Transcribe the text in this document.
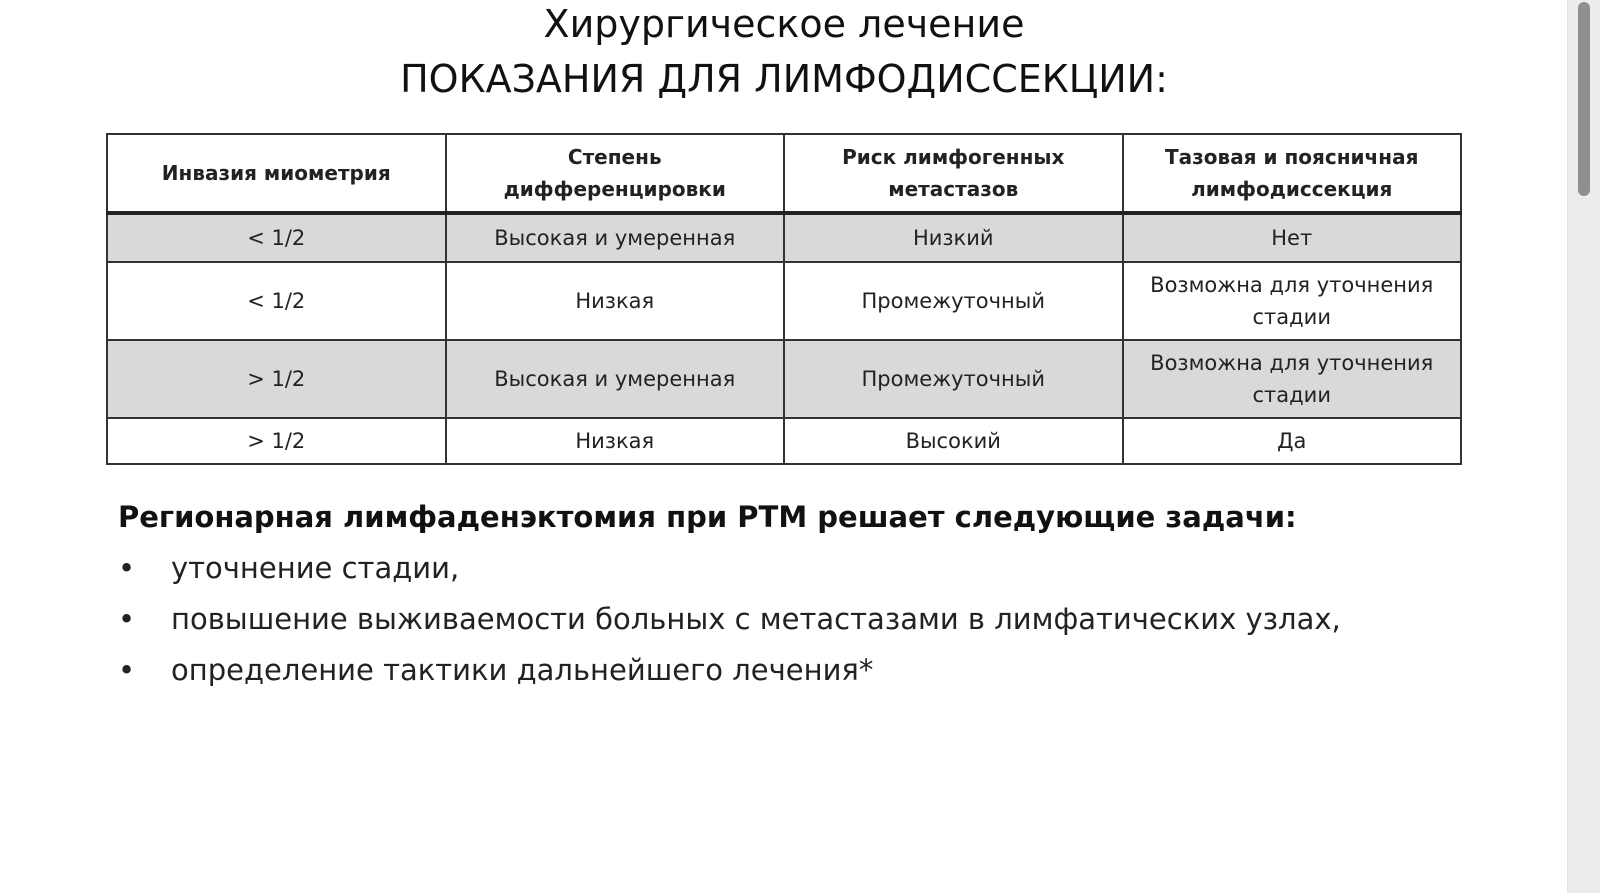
Хирургическое лечение
ПОКАЗАНИЯ ДЛЯ ЛИМФОДИССЕКЦИИ:
Инвазия миометрия	Степень дифференцировки	Риск лимфогенных метастазов	Тазовая и поясничная лимфодиссекция
< 1/2	Высокая и умеренная	Низкий	Нет
< 1/2	Низкая	Промежуточный	Возможна для уточнения стадии
> 1/2	Высокая и умеренная	Промежуточный	Возможна для уточнения стадии
> 1/2	Низкая	Высокий	Да
Регионарная лимфаденэктомия при РТМ решает следующие задачи:
• уточнение стадии,
• повышение выживаемости больных с метастазами в лимфатических узлах,
• определение тактики дальнейшего лечения*
